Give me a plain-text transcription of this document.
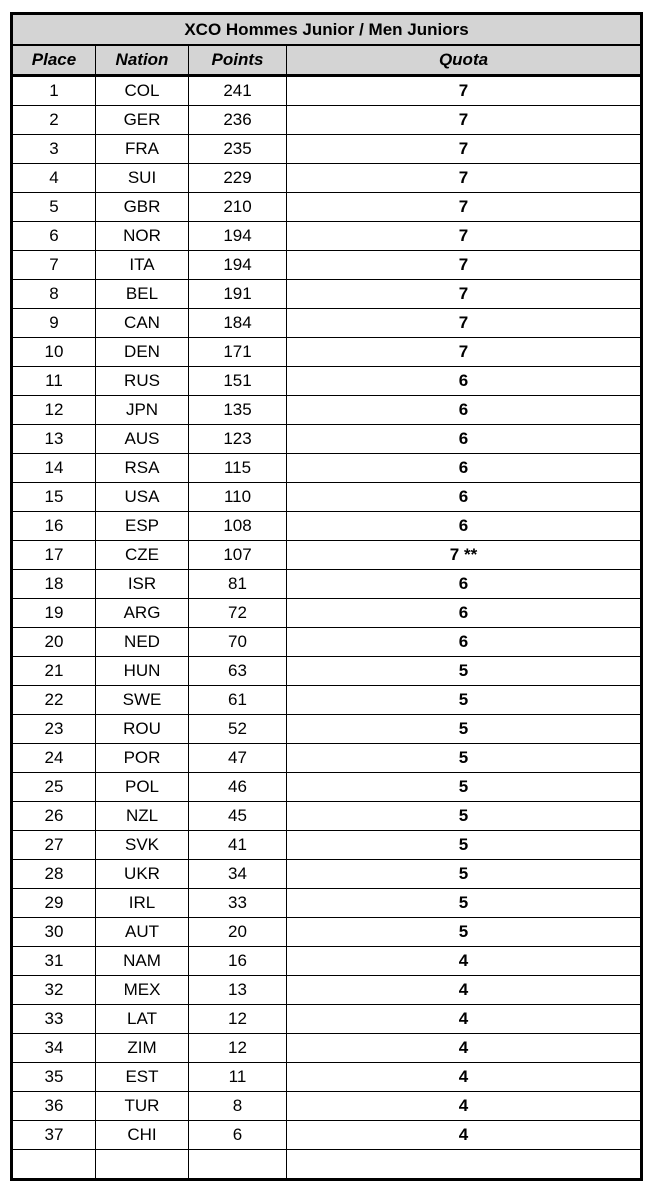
XCO Hommes Junior / Men Juniors			
Place	Nation	Points	Quota
1	COL	241	7
2	GER	236	7
3	FRA	235	7
4	SUI	229	7
5	GBR	210	7
6	NOR	194	7
7	ITA	194	7
8	BEL	191	7
9	CAN	184	7
10	DEN	171	7
11	RUS	151	6
12	JPN	135	6
13	AUS	123	6
14	RSA	115	6
15	USA	110	6
16	ESP	108	6
17	CZE	107	7 **
18	ISR	81	6
19	ARG	72	6
20	NED	70	6
21	HUN	63	5
22	SWE	61	5
23	ROU	52	5
24	POR	47	5
25	POL	46	5
26	NZL	45	5
27	SVK	41	5
28	UKR	34	5
29	IRL	33	5
30	AUT	20	5
31	NAM	16	4
32	MEX	13	4
33	LAT	12	4
34	ZIM	12	4
35	EST	11	4
36	TUR	8	4
37	CHI	6	4
